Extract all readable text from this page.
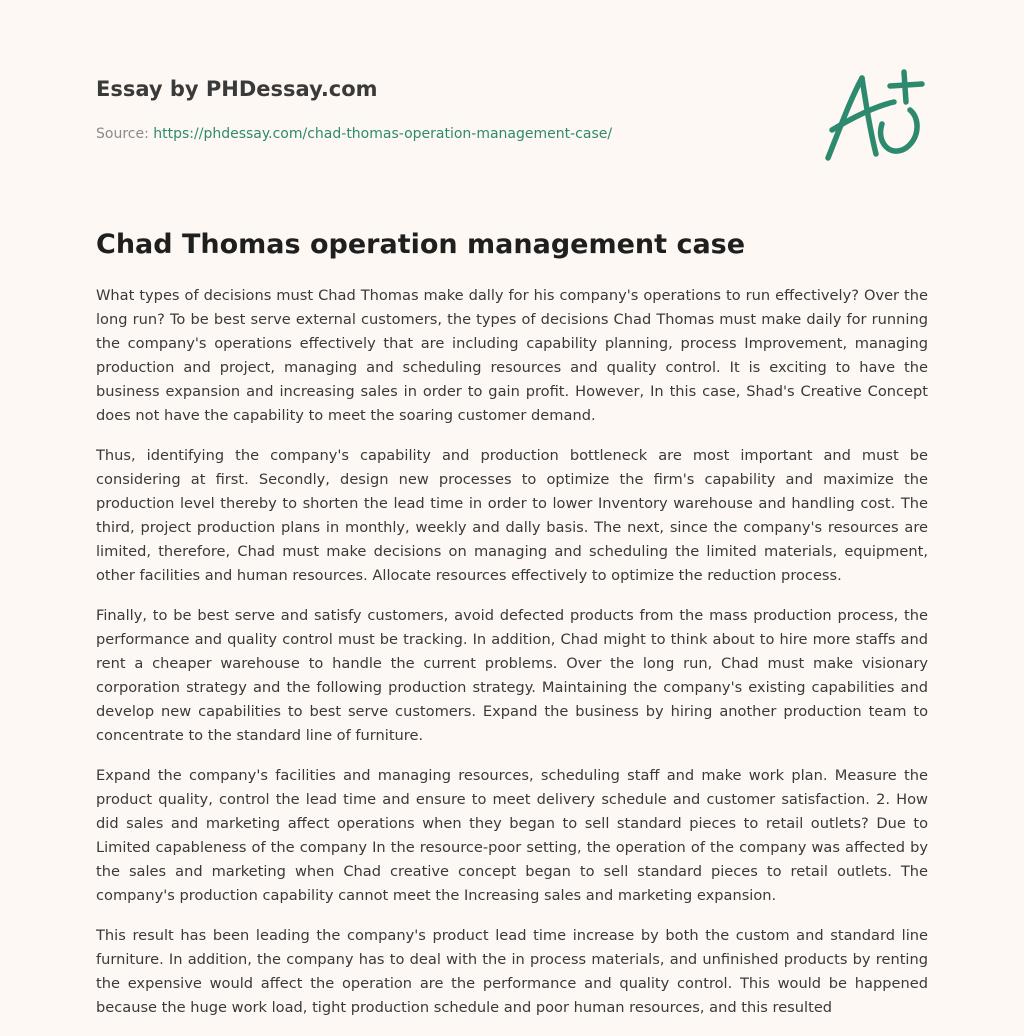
Essay by PHDessay.com
Source: https://phdessay.com/chad-thomas-operation-management-case/
Chad Thomas operation management case

What types of decisions must Chad Thomas make dally for his company's operations to run effectively? Over the long run? To be best serve external customers, the types of decisions Chad Thomas must make daily for running the company's operations effectively that are including capability planning, process Improvement, managing production and project, managing and scheduling resources and quality control. It is exciting to have the business expansion and increasing sales in order to gain profit. However, In this case, Shad's Creative Concept does not have the capability to meet the soaring customer demand.

Thus, identifying the company's capability and production bottleneck are most important and must be considering at first. Secondly, design new processes to optimize the firm's capability and maximize the production level thereby to shorten the lead time in order to lower Inventory warehouse and handling cost. The third, project production plans in monthly, weekly and dally basis. The next, since the company's resources are limited, therefore, Chad must make decisions on managing and scheduling the limited materials, equipment, other facilities and human resources. Allocate resources effectively to optimize the reduction process.

Finally, to be best serve and satisfy customers, avoid defected products from the mass production process, the performance and quality control must be tracking. In addition, Chad might to think about to hire more staffs and rent a cheaper warehouse to handle the current problems. Over the long run, Chad must make visionary corporation strategy and the following production strategy. Maintaining the company's existing capabilities and develop new capabilities to best serve customers. Expand the business by hiring another production team to concentrate to the standard line of furniture.

Expand the company's facilities and managing resources, scheduling staff and make work plan. Measure the product quality, control the lead time and ensure to meet delivery schedule and customer satisfaction. 2. How did sales and marketing affect operations when they began to sell standard pieces to retail outlets? Due to Limited capableness of the company In the resource-poor setting, the operation of the company was affected by the sales and marketing when Chad creative concept began to sell standard pieces to retail outlets. The company's production capability cannot meet the Increasing sales and marketing expansion.

This result has been leading the company's product lead time increase by both the custom and standard line furniture. In addition, the company has to deal with the in process materials, and unfinished products by renting the expensive would affect the operation are the performance and quality control. This would be happened because the huge work load, tight production schedule and poor human resources, and this resulted
